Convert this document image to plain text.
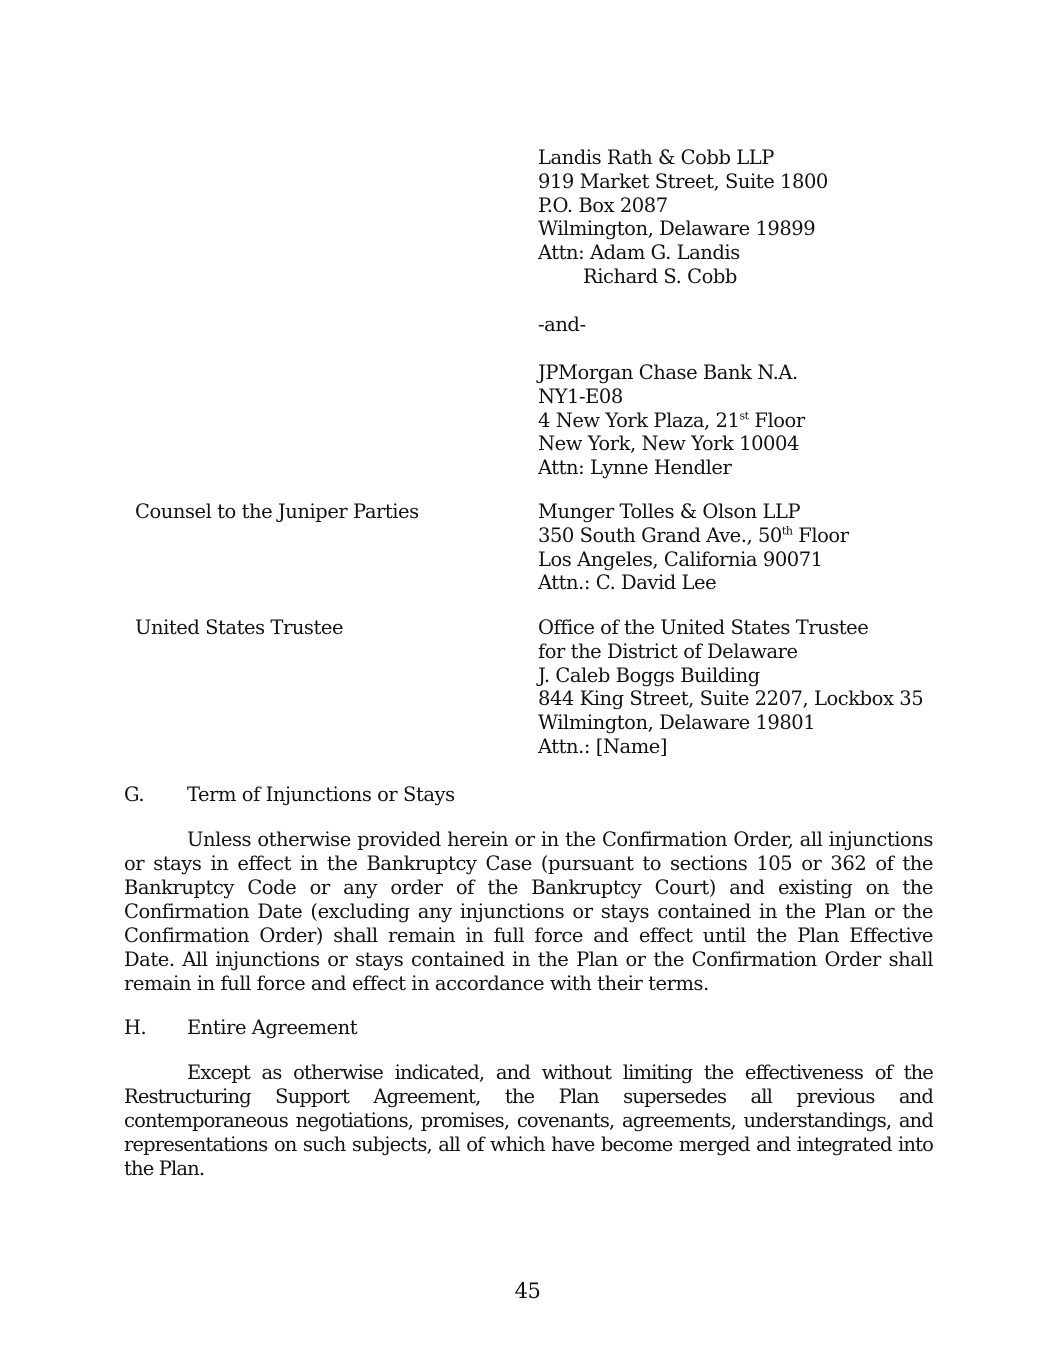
Landis Rath & Cobb LLP
919 Market Street, Suite 1800
P.O. Box 2087
Wilmington, Delaware 19899
Attn: Adam G. Landis
Richard S. Cobb
-and-
JPMorgan Chase Bank N.A.
NY1-E08
4 New York Plaza, 21st Floor
New York, New York 10004
Attn: Lynne Hendler
Counsel to the Juniper Parties	Munger Tolles & Olson LLP
350 South Grand Ave., 50th Floor
Los Angeles, California 90071
Attn.: C. David Lee
United States Trustee	Office of the United States Trustee
for the District of Delaware
J. Caleb Boggs Building
844 King Street, Suite 2207, Lockbox 35
Wilmington, Delaware 19801
Attn.: [Name]
G. Term of Injunctions or Stays
Unless otherwise provided herein or in the Confirmation Order, all injunctions or stays in effect in the Bankruptcy Case (pursuant to sections 105 or 362 of the Bankruptcy Code or any order of the Bankruptcy Court) and existing on the Confirmation Date (excluding any injunctions or stays contained in the Plan or the Confirmation Order) shall remain in full force and effect until the Plan Effective Date. All injunctions or stays contained in the Plan or the Confirmation Order shall remain in full force and effect in accordance with their terms.
H. Entire Agreement
Except as otherwise indicated, and without limiting the effectiveness of the Restructuring Support Agreement, the Plan supersedes all previous and contemporaneous negotiations, promises, covenants, agreements, understandings, and representations on such subjects, all of which have become merged and integrated into the Plan.
45
